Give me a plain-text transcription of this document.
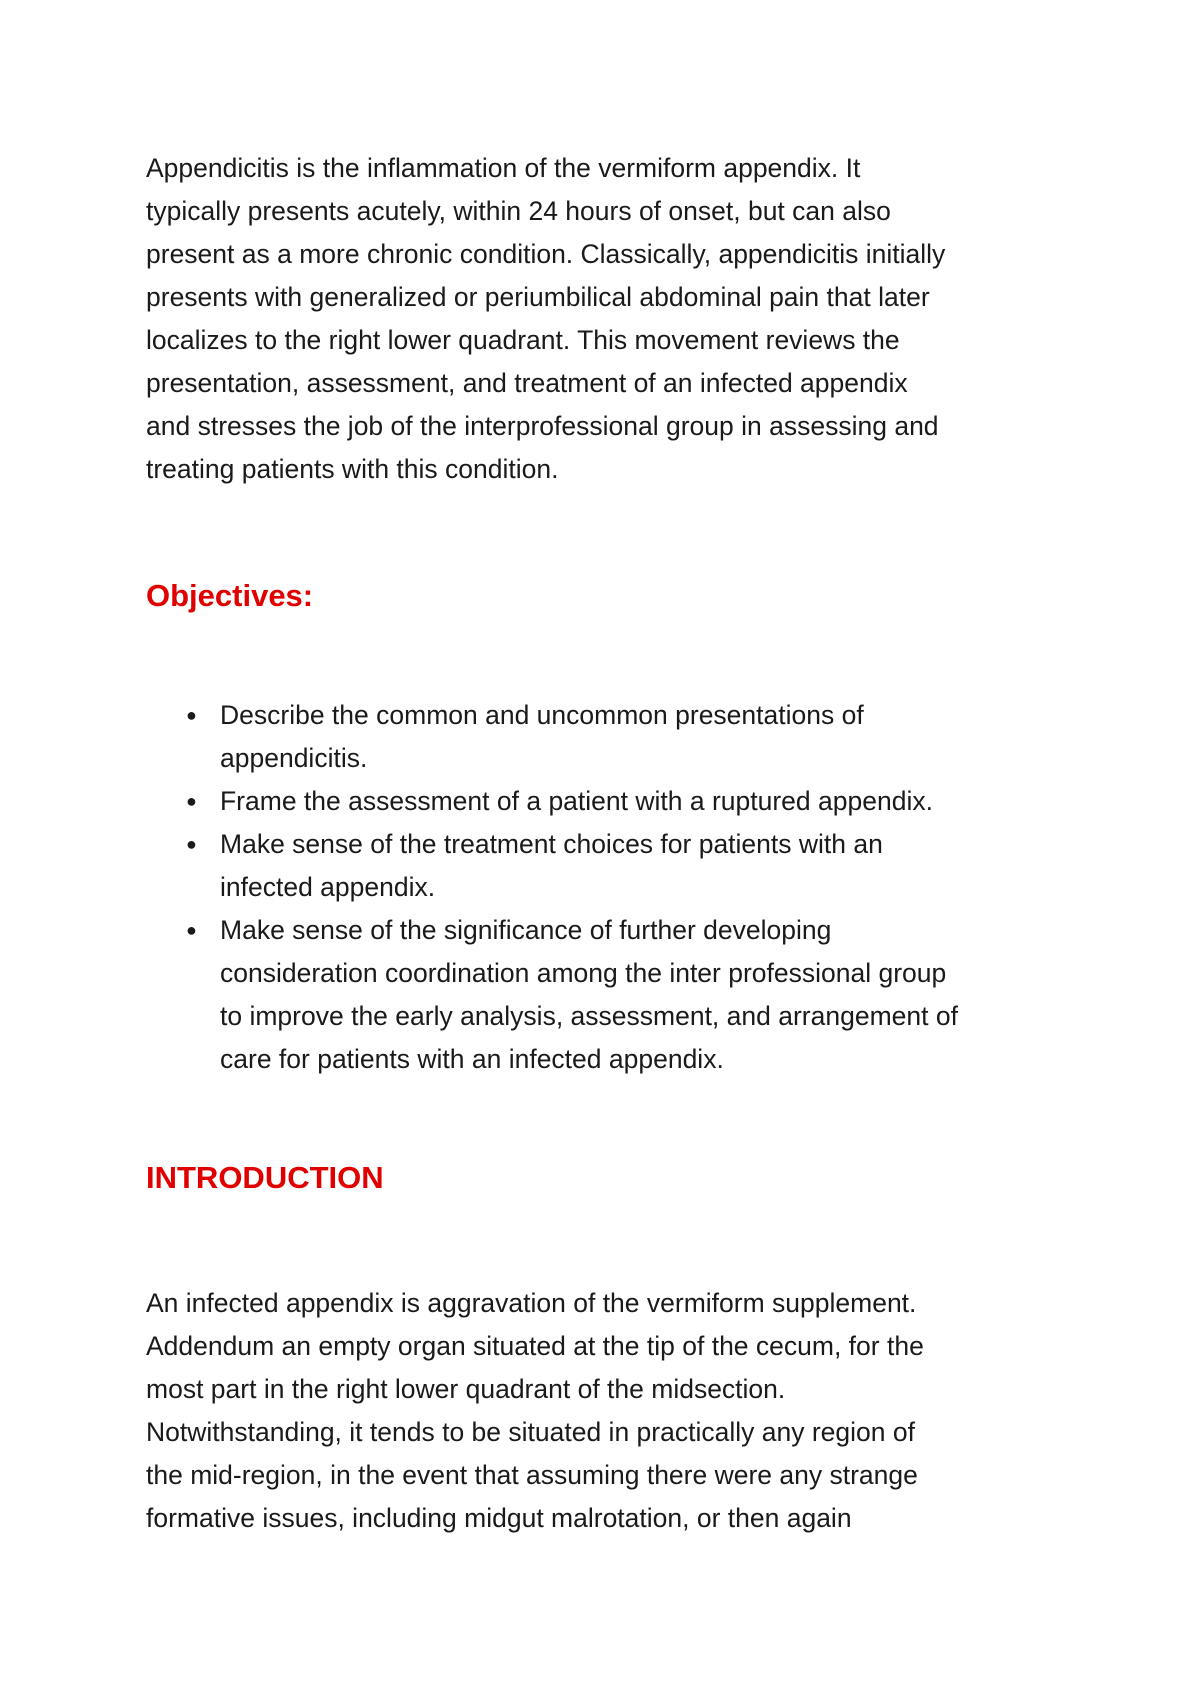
Appendicitis is the inflammation of the vermiform appendix. It
typically presents acutely, within 24 hours of onset, but can also
present as a more chronic condition. Classically, appendicitis initially
presents with generalized or periumbilical abdominal pain that later
localizes to the right lower quadrant. This movement reviews the
presentation, assessment, and treatment of an infected appendix
and stresses the job of the interprofessional group in assessing and
treating patients with this condition.
Objectives:
● Describe the common and uncommon presentations of
appendicitis.
● Frame the assessment of a patient with a ruptured appendix.
● Make sense of the treatment choices for patients with an
infected appendix.
● Make sense of the significance of further developing
consideration coordination among the inter professional group
to improve the early analysis, assessment, and arrangement of
care for patients with an infected appendix.
INTRODUCTION
An infected appendix is aggravation of the vermiform supplement.
Addendum an empty organ situated at the tip of the cecum, for the
most part in the right lower quadrant of the midsection.
Notwithstanding, it tends to be situated in practically any region of
the mid-region, in the event that assuming there were any strange
formative issues, including midgut malrotation, or then again
